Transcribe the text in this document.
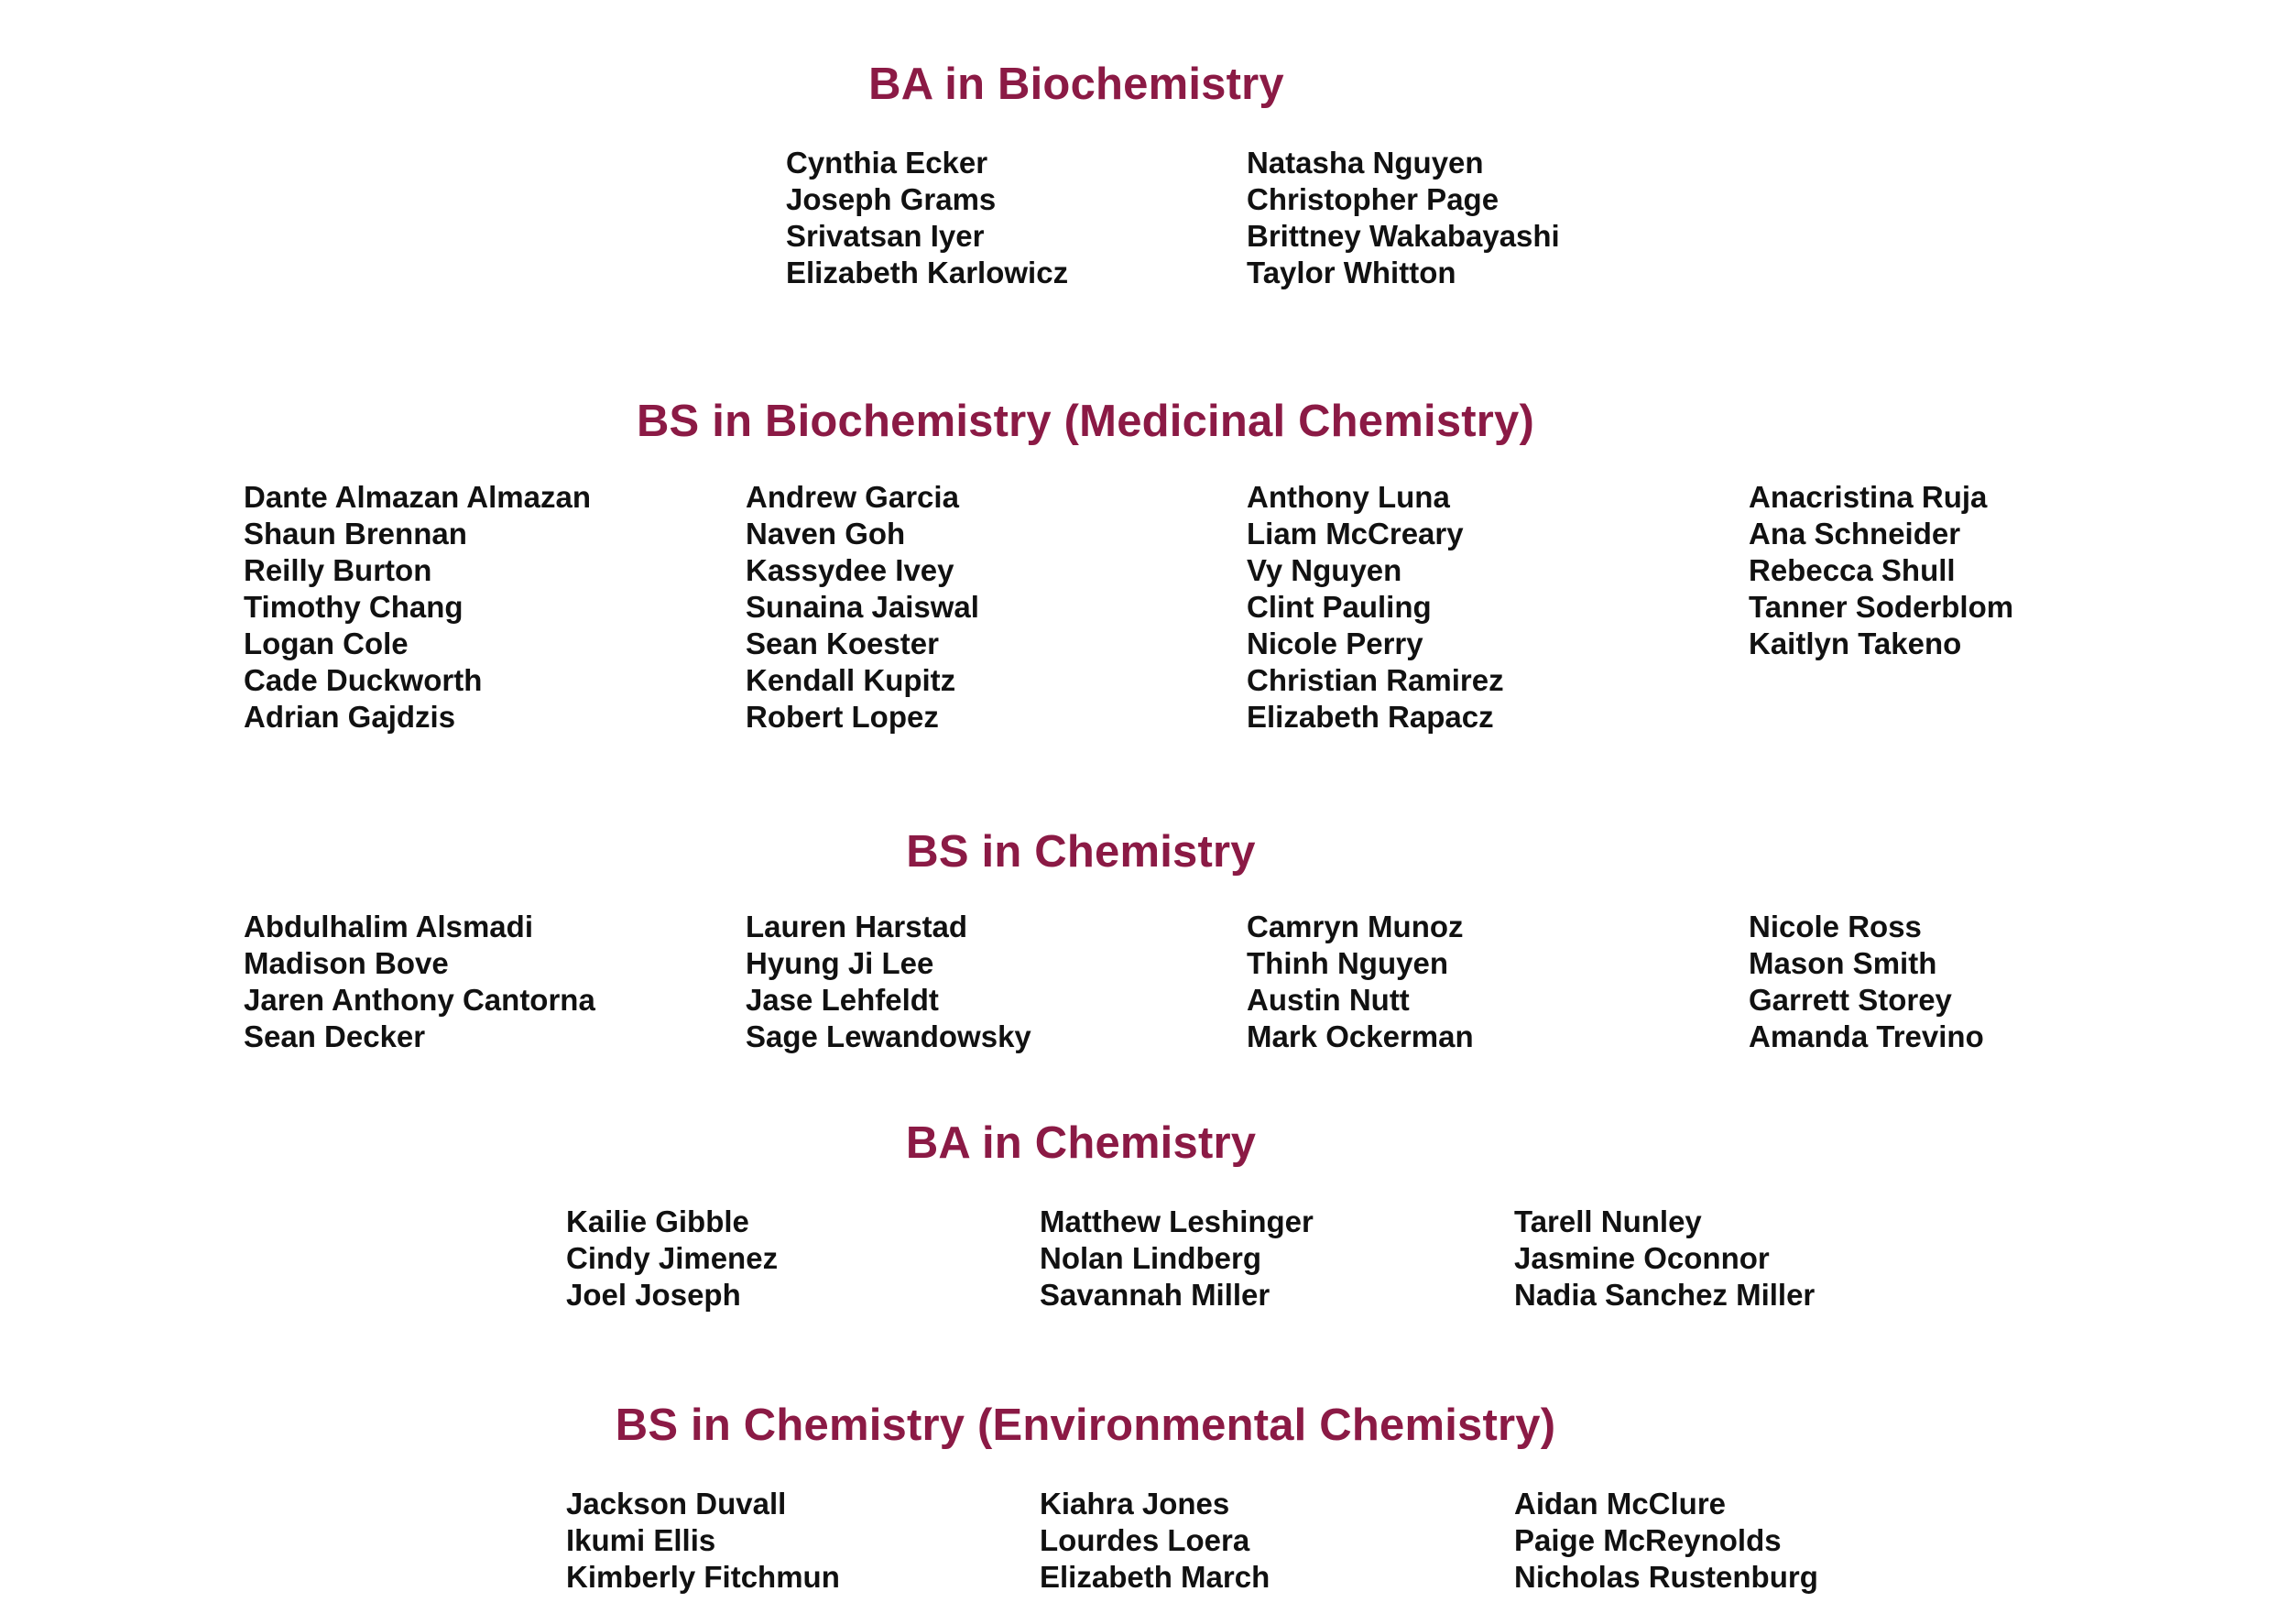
BA in Biochemistry
Cynthia Ecker
Joseph Grams
Srivatsan Iyer
Elizabeth Karlowicz
Natasha Nguyen
Christopher Page
Brittney Wakabayashi
Taylor Whitton
BS in Biochemistry (Medicinal Chemistry)
Dante Almazan Almazan
Shaun Brennan
Reilly Burton
Timothy Chang
Logan Cole
Cade Duckworth
Adrian Gajdzis
Andrew Garcia
Naven Goh
Kassydee Ivey
Sunaina Jaiswal
Sean Koester
Kendall Kupitz
Robert Lopez
Anthony Luna
Liam McCreary
Vy Nguyen
Clint Pauling
Nicole Perry
Christian Ramirez
Elizabeth Rapacz
Anacristina Ruja
Ana Schneider
Rebecca Shull
Tanner Soderblom
Kaitlyn Takeno
BS in Chemistry
Abdulhalim Alsmadi
Madison Bove
Jaren Anthony Cantorna
Sean Decker
Lauren Harstad
Hyung Ji Lee
Jase Lehfeldt
Sage Lewandowsky
Camryn Munoz
Thinh Nguyen
Austin Nutt
Mark Ockerman
Nicole Ross
Mason Smith
Garrett Storey
Amanda Trevino
BA in Chemistry
Kailie Gibble
Cindy Jimenez
Joel Joseph
Matthew Leshinger
Nolan Lindberg
Savannah Miller
Tarell Nunley
Jasmine Oconnor
Nadia Sanchez Miller
BS in Chemistry (Environmental Chemistry)
Jackson Duvall
Ikumi Ellis
Kimberly Fitchmun
Kiahra Jones
Lourdes Loera
Elizabeth March
Aidan McClure
Paige McReynolds
Nicholas Rustenburg
